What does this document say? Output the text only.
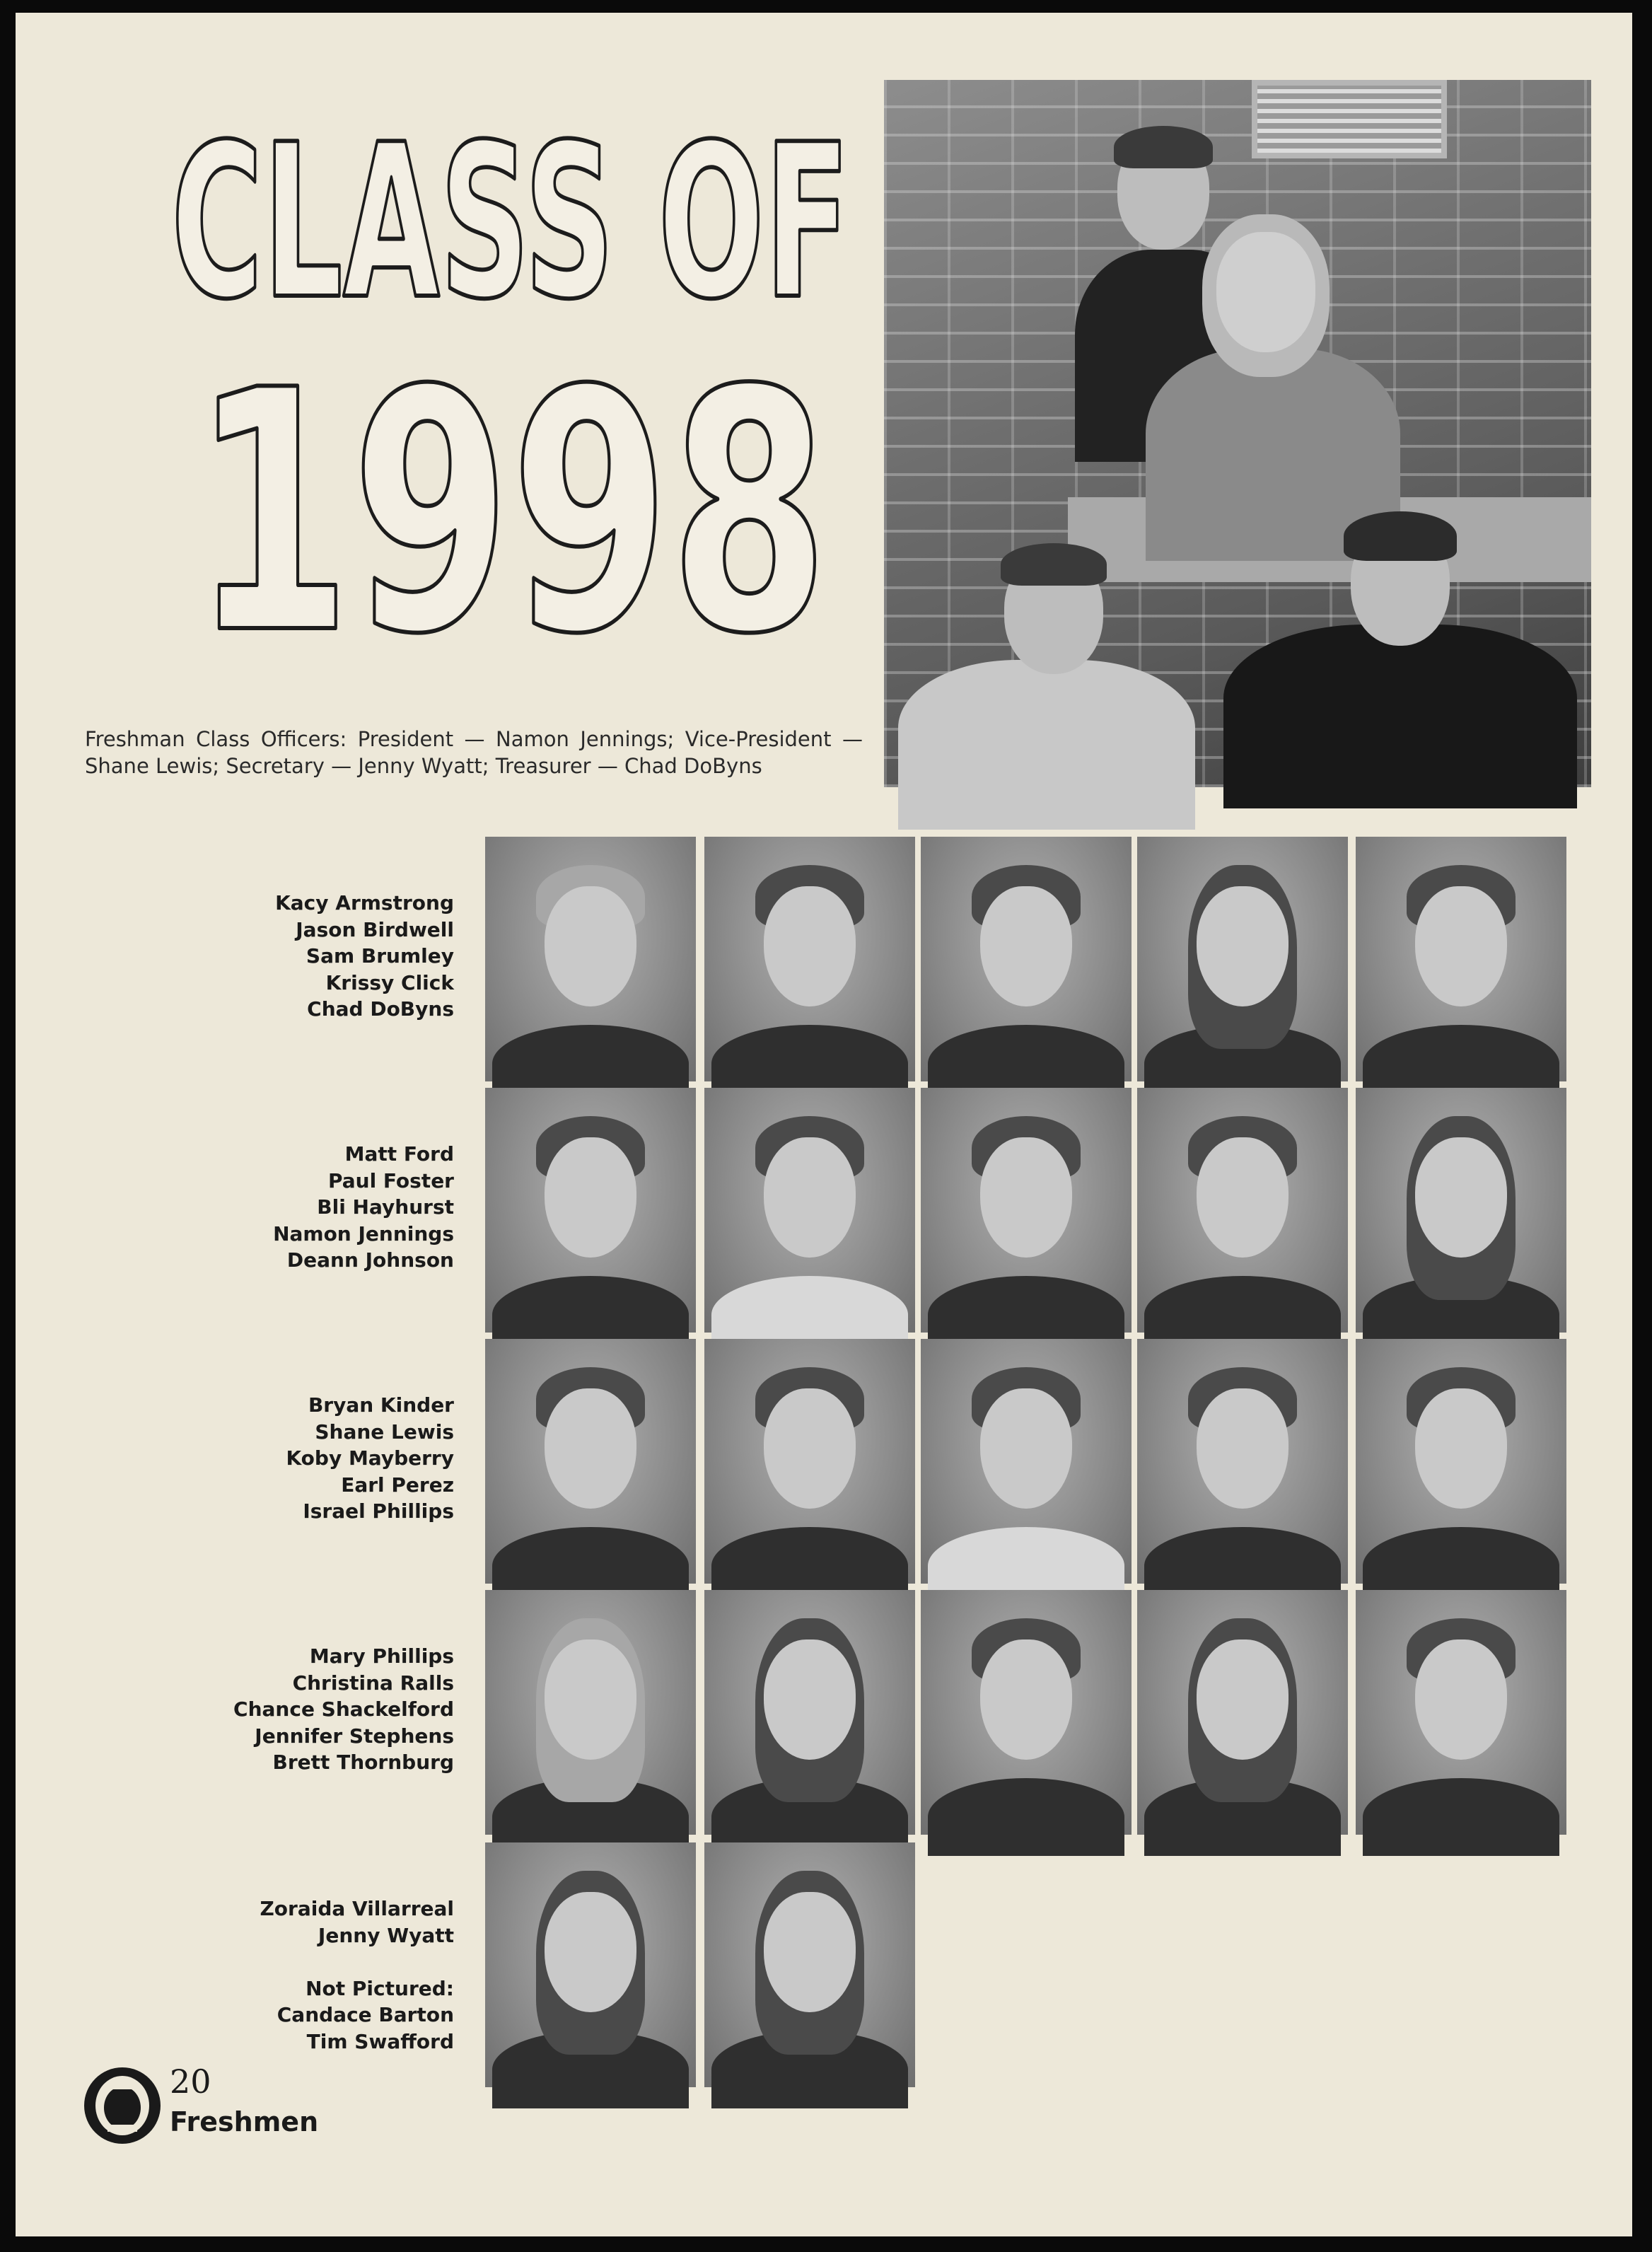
CLASS OF
1998
Freshman Class Officers: President — Namon Jennings; Vice-President — Shane Lewis; Secretary — Jenny Wyatt; Treasurer — Chad DoByns
Kacy Armstrong
Jason Birdwell
Sam Brumley
Krissy Click
Chad DoByns
Matt Ford
Paul Foster
Bli Hayhurst
Namon Jennings
Deann Johnson
Bryan Kinder
Shane Lewis
Koby Mayberry
Earl Perez
Israel Phillips
Mary Phillips
Christina Ralls
Chance Shackelford
Jennifer Stephens
Brett Thornburg
Zoraida Villarreal
Jenny Wyatt
Not Pictured:
Candace Barton
Tim Swafford
20
Freshmen
